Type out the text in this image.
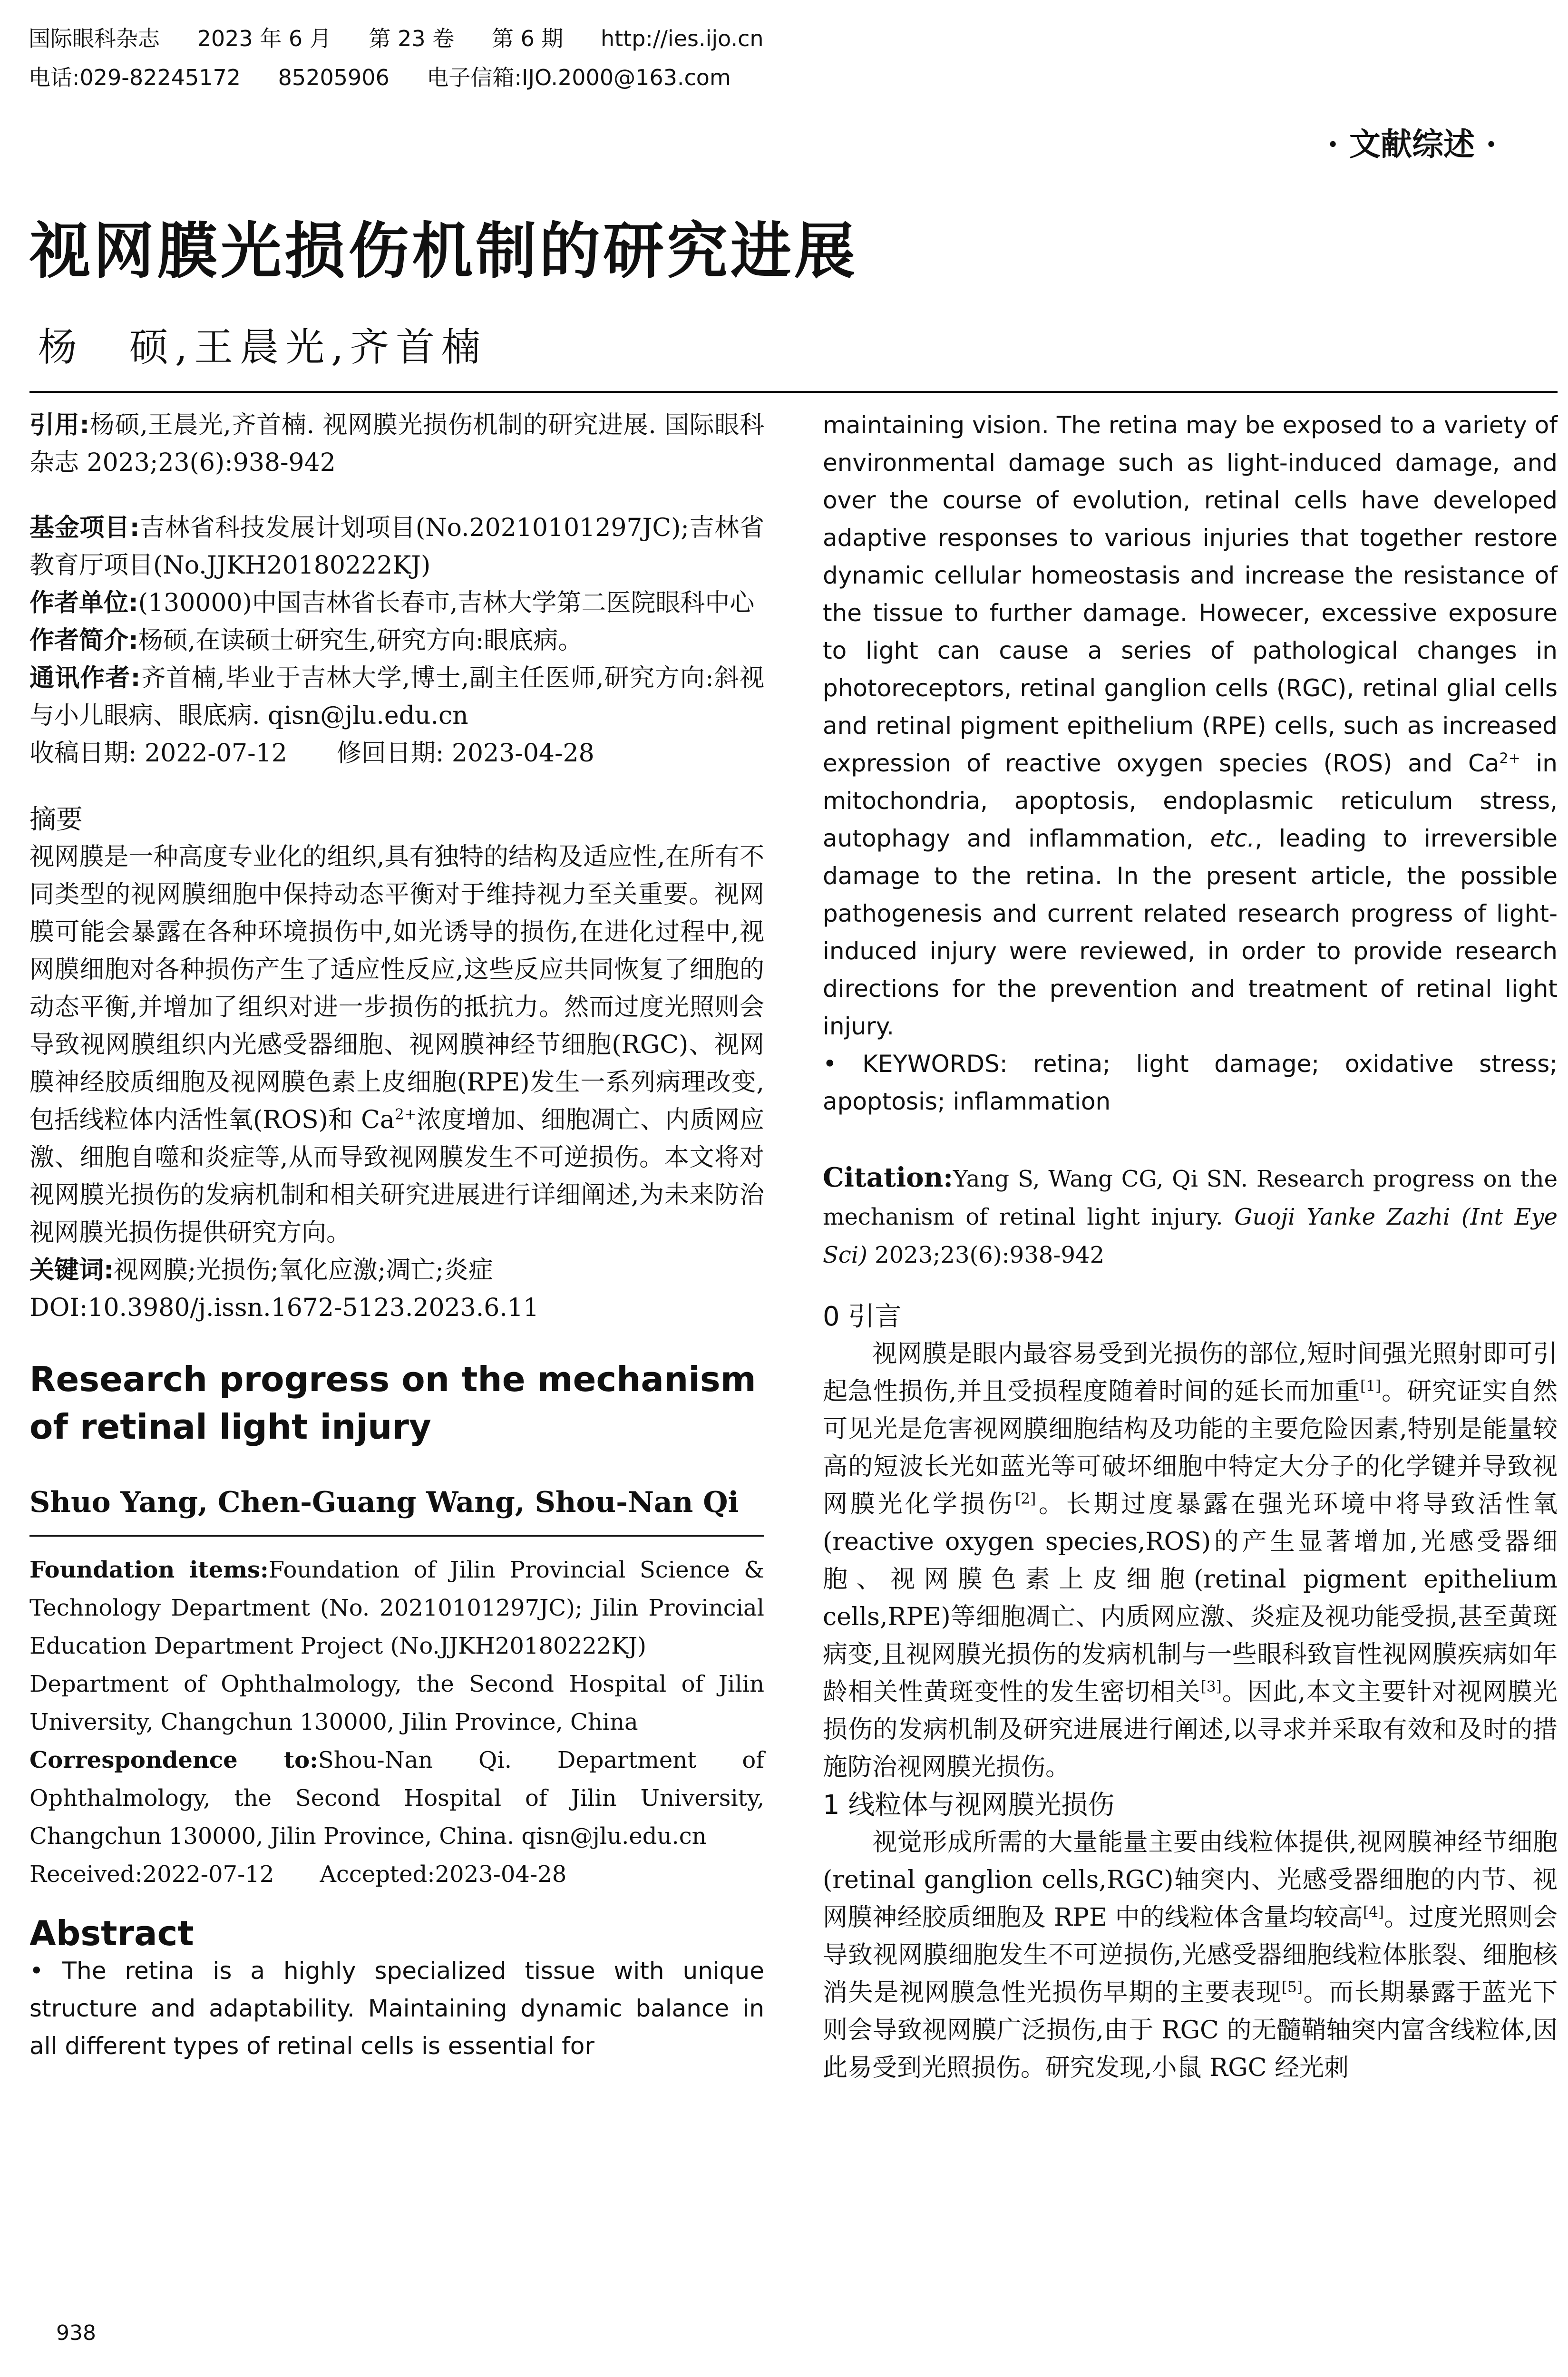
国际眼科杂志 2023 年 6 月 第 23 卷 第 6 期 http://ies.ijo.cn
电话:029-82245172 85205906 电子信箱:IJO.2000@163.com
· 文献综述 ·
视网膜光损伤机制的研究进展
杨　硕,王晨光,齐首楠

引用:杨硕,王晨光,齐首楠. 视网膜光损伤机制的研究进展. 国际眼科杂志 2023;23(6):938-942

基金项目:吉林省科技发展计划项目(No.20210101297JC);吉林省教育厅项目(No.JJKH20180222KJ)

作者单位:(130000)中国吉林省长春市,吉林大学第二医院眼科中心

作者简介:杨硕,在读硕士研究生,研究方向:眼底病。

通讯作者:齐首楠,毕业于吉林大学,博士,副主任医师,研究方向:斜视与小儿眼病、眼底病. qisn@jlu.edu.cn

收稿日期: 2022-07-12　　修回日期: 2023-04-28

摘要

视网膜是一种高度专业化的组织,具有独特的结构及适应性,在所有不同类型的视网膜细胞中保持动态平衡对于维持视力至关重要。视网膜可能会暴露在各种环境损伤中,如光诱导的损伤,在进化过程中,视网膜细胞对各种损伤产生了适应性反应,这些反应共同恢复了细胞的动态平衡,并增加了组织对进一步损伤的抵抗力。然而过度光照则会导致视网膜组织内光感受器细胞、视网膜神经节细胞(RGC)、视网膜神经胶质细胞及视网膜色素上皮细胞(RPE)发生一系列病理改变,包括线粒体内活性氧(ROS)和 $Ca^{2+}$浓度增加、细胞凋亡、内质网应激、细胞自噬和炎症等,从而导致视网膜发生不可逆损伤。本文将对视网膜光损伤的发病机制和相关研究进展进行详细阐述,为未来防治视网膜光损伤提供研究方向。

关键词:视网膜;光损伤;氧化应激;凋亡;炎症

DOI:10.3980/j.issn.1672-5123.2023.6.11

Research progress on the mechanism of retinal light injury
Shuo Yang, Chen-Guang Wang, Shou-Nan Qi

Foundation items:Foundation of Jilin Provincial Science & Technology Department (No. 20210101297JC); Jilin Provincial Education Department Project (No.JJKH20180222KJ)

Department of Ophthalmology, the Second Hospital of Jilin University, Changchun 130000, Jilin Province, China

Correspondence to:Shou-Nan Qi. Department of Ophthalmology, the Second Hospital of Jilin University, Changchun 130000, Jilin Province, China. qisn@jlu.edu.cn

Received:2022-07-12　　Accepted:2023-04-28

Abstract

• The retina is a highly specialized tissue with unique structure and adaptability. Maintaining dynamic balance in all different types of retinal cells is essential for

maintaining vision. The retina may be exposed to a variety of environmental damage such as light-induced damage, and over the course of evolution, retinal cells have developed adaptive responses to various injuries that together restore dynamic cellular homeostasis and increase the resistance of the tissue to further damage. Howecer, excessive exposure to light can cause a series of pathological changes in photoreceptors, retinal ganglion cells (RGC), retinal glial cells and retinal pigment epithelium (RPE) cells, such as increased expression of reactive oxygen species (ROS) and $Ca^{2+}$ in mitochondria, apoptosis, endoplasmic reticulum stress, autophagy and inflammation, etc., leading to irreversible damage to the retina. In the present article, the possible pathogenesis and current related research progress of light-induced injury were reviewed, in order to provide research directions for the prevention and treatment of retinal light injury.

• KEYWORDS: retina; light damage; oxidative stress; apoptosis; inflammation

Citation:Yang S, Wang CG, Qi SN. Research progress on the mechanism of retinal light injury. Guoji Yanke Zazhi (Int Eye Sci) 2023;23(6):938-942

0 引言

视网膜是眼内最容易受到光损伤的部位,短时间强光照射即可引起急性损伤,并且受损程度随着时间的延长而加重[1]。研究证实自然可见光是危害视网膜细胞结构及功能的主要危险因素,特别是能量较高的短波长光如蓝光等可破坏细胞中特定大分子的化学键并导致视网膜光化学损伤[2]。长期过度暴露在强光环境中将导致活性氧(reactive oxygen species,ROS)的产生显著增加,光感受器细胞、视网膜色素上皮细胞(retinal pigment epithelium cells,RPE)等细胞凋亡、内质网应激、炎症及视功能受损,甚至黄斑病变,且视网膜光损伤的发病机制与一些眼科致盲性视网膜疾病如年龄相关性黄斑变性的发生密切相关[3]。因此,本文主要针对视网膜光损伤的发病机制及研究进展进行阐述,以寻求并采取有效和及时的措施防治视网膜光损伤。

1 线粒体与视网膜光损伤

视觉形成所需的大量能量主要由线粒体提供,视网膜神经节细胞(retinal ganglion cells,RGC)轴突内、光感受器细胞的内节、视网膜神经胶质细胞及 RPE 中的线粒体含量均较高[4]。过度光照则会导致视网膜细胞发生不可逆损伤,光感受器细胞线粒体胀裂、细胞核消失是视网膜急性光损伤早期的主要表现[5]。而长期暴露于蓝光下则会导致视网膜广泛损伤,由于 RGC 的无髓鞘轴突内富含线粒体,因此易受到光照损伤。研究发现,小鼠 RGC 经光刺

938
